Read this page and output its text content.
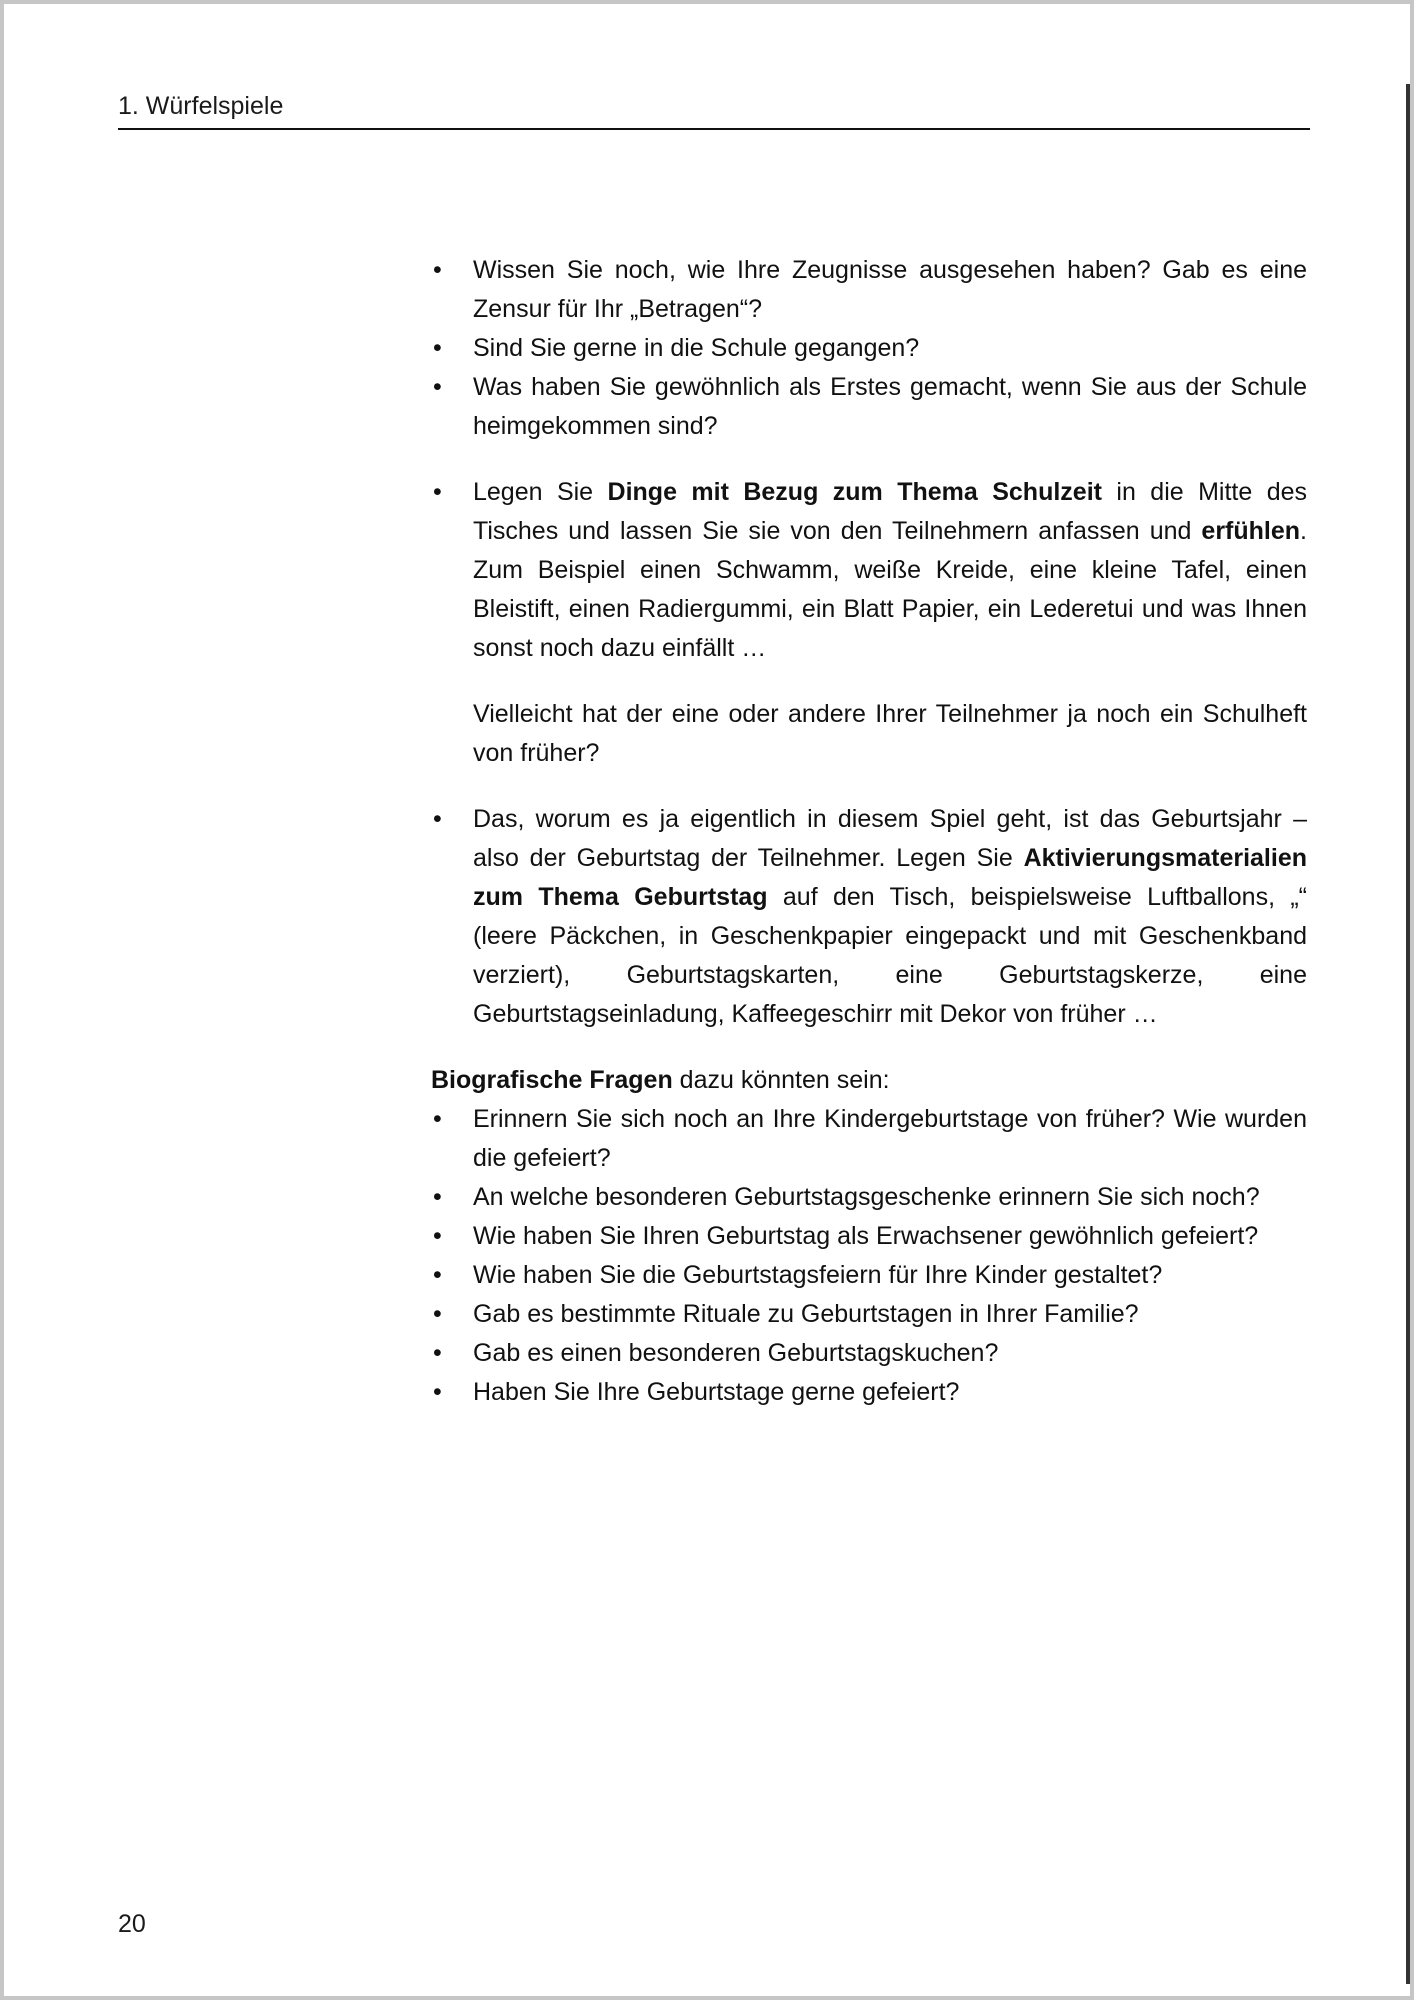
1. Würfelspiele
• Wissen Sie noch, wie Ihre Zeugnisse ausgesehen haben? Gab es eine Zensur für Ihr „Betragen“?
• Sind Sie gerne in die Schule gegangen?
• Was haben Sie gewöhnlich als Erstes gemacht, wenn Sie aus der Schule heimgekommen sind?
• Legen Sie Dinge mit Bezug zum Thema Schulzeit in die Mitte des Tisches und lassen Sie sie von den Teilnehmern anfassen und erfühlen. Zum Beispiel einen Schwamm, weiße Kreide, eine kleine Tafel, einen Bleistift, einen Radiergummi, ein Blatt Papier, ein Lederetui und was Ihnen sonst noch dazu einfällt …
Vielleicht hat der eine oder andere Ihrer Teilnehmer ja noch ein Schulheft von früher?
• Das, worum es ja eigentlich in diesem Spiel geht, ist das Geburtsjahr – also der Geburtstag der Teilnehmer. Legen Sie Aktivierungsmaterialien zum Thema Geburtstag auf den Tisch, beispielsweise Luftballons, „“ (leere Päckchen, in Geschenkpapier eingepackt und mit Geschenkband verziert), Geburtstagskarten, eine Geburtstagskerze, eine Geburtstagseinladung, Kaffeegeschirr mit Dekor von früher …
Biografische Fragen dazu könnten sein:
• Erinnern Sie sich noch an Ihre Kindergeburtstage von früher? Wie wurden die gefeiert?
• An welche besonderen Geburtstagsgeschenke erinnern Sie sich noch?
• Wie haben Sie Ihren Geburtstag als Erwachsener gewöhnlich gefeiert?
• Wie haben Sie die Geburtstagsfeiern für Ihre Kinder gestaltet?
• Gab es bestimmte Rituale zu Geburtstagen in Ihrer Familie?
• Gab es einen besonderen Geburtstagskuchen?
• Haben Sie Ihre Geburtstage gerne gefeiert?
20
